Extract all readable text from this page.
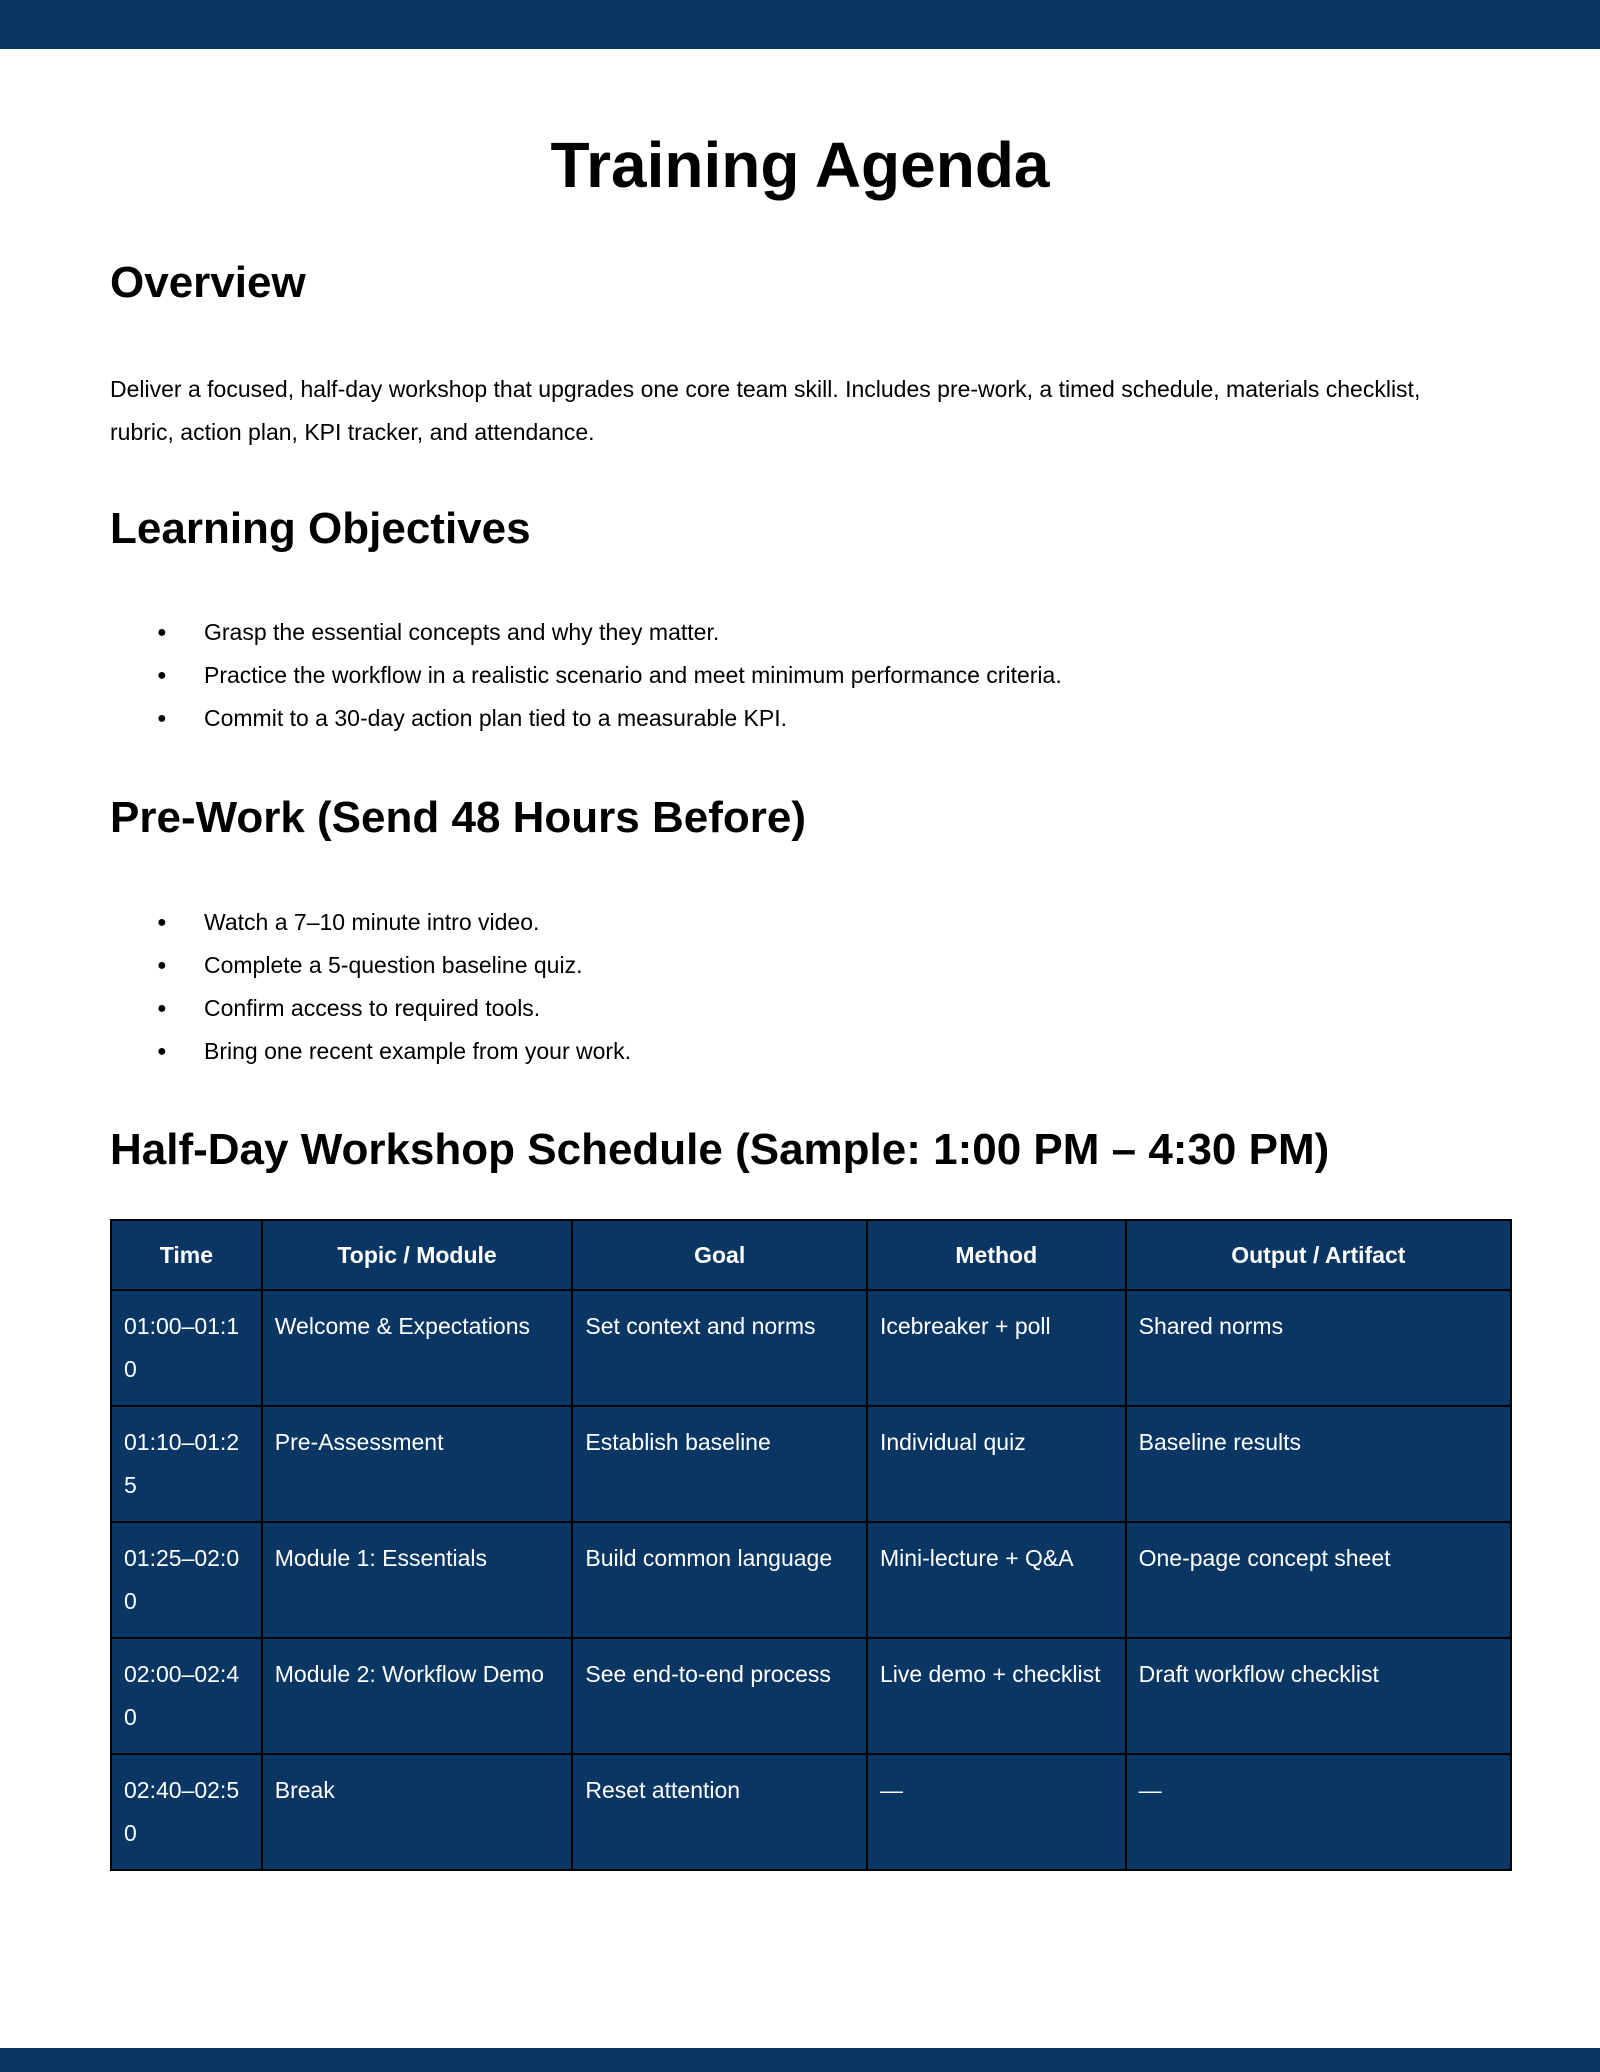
Training Agenda
Overview

Deliver a focused, half-day workshop that upgrades one core team skill. Includes pre-work, a timed schedule, materials checklist, rubric, action plan, KPI tracker, and attendance.

Learning Objectives
● Grasp the essential concepts and why they matter.
● Practice the workflow in a realistic scenario and meet minimum performance criteria.
● Commit to a 30-day action plan tied to a measurable KPI.
Pre-Work (Send 48 Hours Before)
● Watch a 7–10 minute intro video.
● Complete a 5-question baseline quiz.
● Confirm access to required tools.
● Bring one recent example from your work.
Half-Day Workshop Schedule (Sample: 1:00 PM – 4:30 PM)
Time	Topic / Module	Goal	Method	Output / Artifact
01:00–01:10	Welcome & Expectations	Set context and norms	Icebreaker + poll	Shared norms
01:10–01:25	Pre-Assessment	Establish baseline	Individual quiz	Baseline results
01:25–02:00	Module 1: Essentials	Build common language	Mini-lecture + Q&A	One-page concept sheet
02:00–02:40	Module 2: Workflow Demo	See end-to-end process	Live demo + checklist	Draft workflow checklist
02:40–02:50	Break	Reset attention	—	—
